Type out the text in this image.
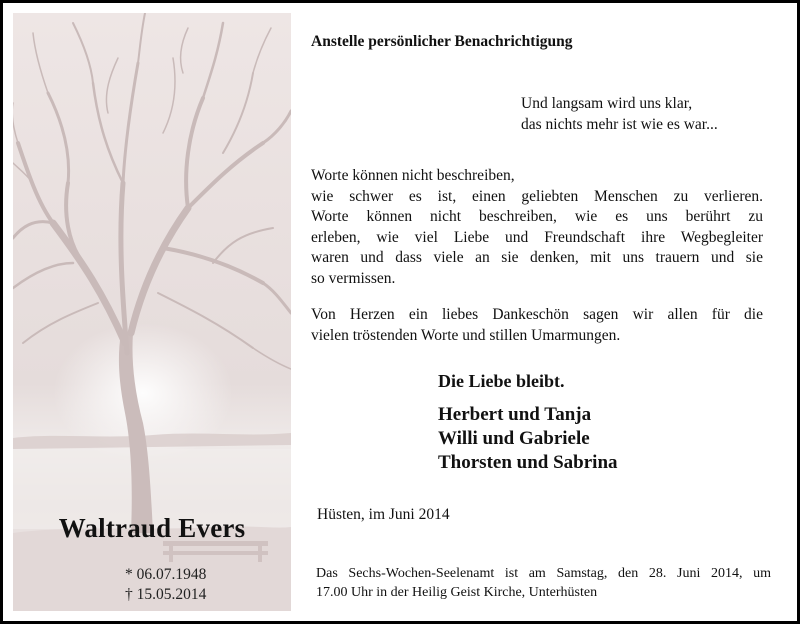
Waltraud Evers
* 06.07.1948
† 15.05.2014
Anstelle persönlicher Benachrichtigung
Und langsam wird uns klar,
das nichts mehr ist wie es war...
Worte können nicht beschreiben,
wie schwer es ist, einen geliebten Menschen zu verlieren.
Worte können nicht beschreiben, wie es uns berührt zu
erleben, wie viel Liebe und Freundschaft ihre Wegbegleiter
waren und dass viele an sie denken, mit uns trauern und sie
so vermissen.
Von Herzen ein liebes Dankeschön sagen wir allen für die
vielen tröstenden Worte und stillen Umarmungen.
Die Liebe bleibt.
Herbert und Tanja
Willi und Gabriele
Thorsten und Sabrina
Hüsten, im Juni 2014
Das Sechs-Wochen-Seelenamt ist am Samstag, den 28. Juni 2014, um
17.00 Uhr in der Heilig Geist Kirche, Unterhüsten
